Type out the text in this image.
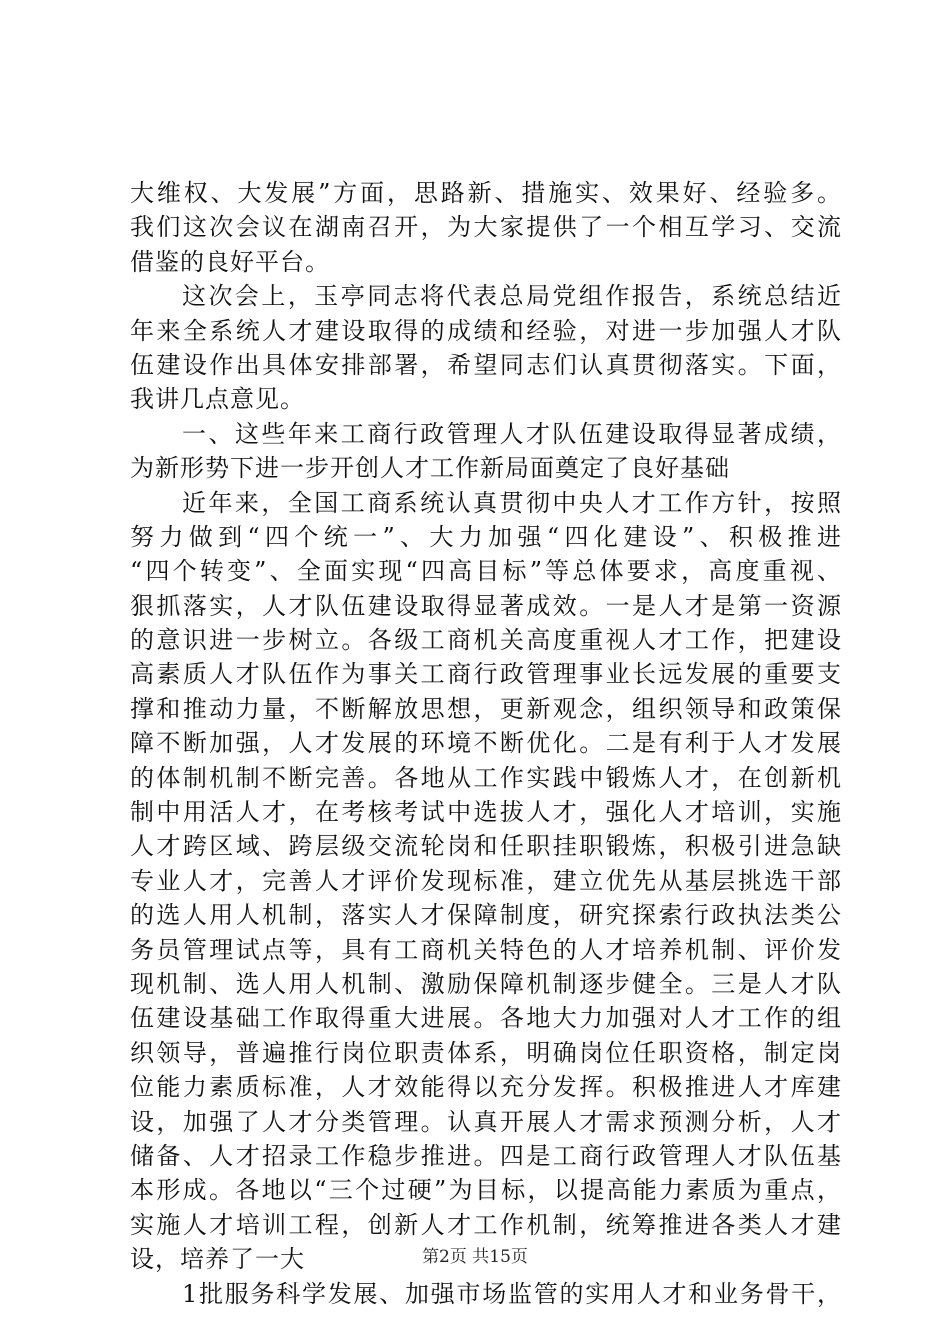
大维权、大发展”方面，思路新、措施实、效果好、经验多。
我们这次会议在湖南召开，为大家提供了一个相互学习、交流
借鉴的良好平台。
这次会上，玉亭同志将代表总局党组作报告，系统总结近
年来全系统人才建设取得的成绩和经验，对进一步加强人才队
伍建设作出具体安排部署，希望同志们认真贯彻落实。下面，
我讲几点意见。
一、这些年来工商行政管理人才队伍建设取得显著成绩，
为新形势下进一步开创人才工作新局面奠定了良好基础
近年来，全国工商系统认真贯彻中央人才工作方针，按照
努力做到“四个统一”、大力加强“四化建设”、积极推进
“四个转变”、全面实现“四高目标”等总体要求，高度重视、
狠抓落实，人才队伍建设取得显著成效。一是人才是第一资源
的意识进一步树立。各级工商机关高度重视人才工作，把建设
高素质人才队伍作为事关工商行政管理事业长远发展的重要支
撑和推动力量，不断解放思想，更新观念，组织领导和政策保
障不断加强，人才发展的环境不断优化。二是有利于人才发展
的体制机制不断完善。各地从工作实践中锻炼人才，在创新机
制中用活人才，在考核考试中选拔人才，强化人才培训，实施
人才跨区域、跨层级交流轮岗和任职挂职锻炼，积极引进急缺
专业人才，完善人才评价发现标准，建立优先从基层挑选干部
的选人用人机制，落实人才保障制度，研究探索行政执法类公
务员管理试点等，具有工商机关特色的人才培养机制、评价发
现机制、选人用人机制、激励保障机制逐步健全。三是人才队
伍建设基础工作取得重大进展。各地大力加强对人才工作的组
织领导，普遍推行岗位职责体系，明确岗位任职资格，制定岗
位能力素质标准，人才效能得以充分发挥。积极推进人才库建
设，加强了人才分类管理。认真开展人才需求预测分析，人才
储备、人才招录工作稳步推进。四是工商行政管理人才队伍基
本形成。各地以“三个过硬”为目标，以提高能力素质为重点，
实施人才培训工程，创新人才工作机制，统筹推进各类人才建
设，培养了一大
1批服务科学发展、加强市场监管的实用人才和业务骨干，
第2页 共15页
